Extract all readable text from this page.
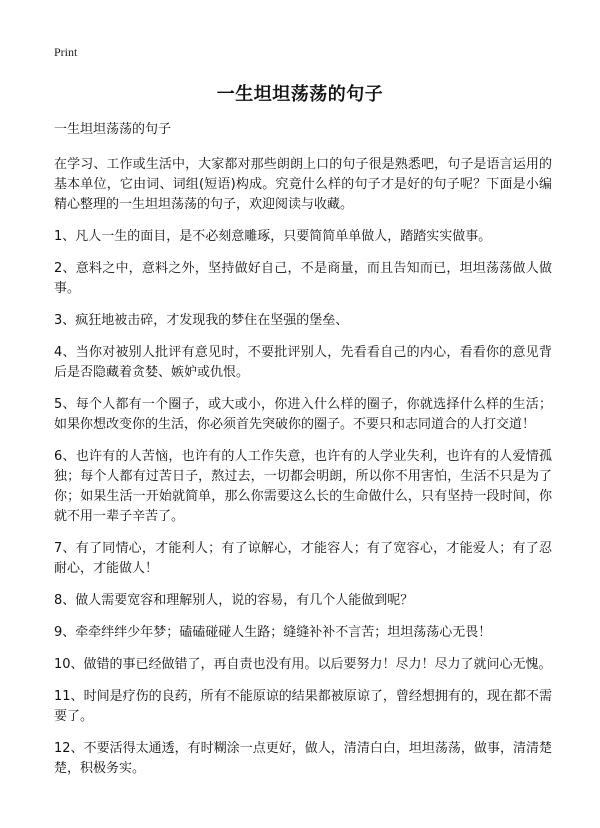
Print
一生坦坦荡荡的句子

一生坦坦荡荡的句子

在学习、工作或生活中，大家都对那些朗朗上口的句子很是熟悉吧，句子是语言运用的基本单位，它由词、词组(短语)构成。究竟什么样的句子才是好的句子呢？下面是小编精心整理的一生坦坦荡荡的句子，欢迎阅读与收藏。

1、凡人一生的面目，是不必刻意雕琢，只要简简单单做人，踏踏实实做事。

2、意料之中，意料之外，坚持做好自己，不是商量，而且告知而已，坦坦荡荡做人做事。

3、疯狂地被击碎，才发现我的梦住在坚强的堡垒、

4、当你对被别人批评有意见时，不要批评别人，先看看自己的内心，看看你的意见背后是否隐藏着贪婪、嫉妒或仇恨。

5、每个人都有一个圈子，或大或小，你进入什么样的圈子，你就选择什么样的生活；如果你想改变你的生活，你必须首先突破你的圈子。不要只和志同道合的人打交道！

6、也许有的人苦恼，也许有的人工作失意，也许有的人学业失利，也许有的人爱情孤独；每个人都有过苦日子，熬过去，一切都会明朗，所以你不用害怕，生活不只是为了你；如果生活一开始就简单，那么你需要这么长的生命做什么，只有坚持一段时间，你就不用一辈子辛苦了。

7、有了同情心，才能利人；有了谅解心，才能容人；有了宽容心，才能爱人；有了忍耐心，才能做人！

8、做人需要宽容和理解别人，说的容易，有几个人能做到呢？

9、牵牵绊绊少年梦；磕磕碰碰人生路；缝缝补补不言苦；坦坦荡荡心无畏！

10、做错的事已经做错了，再自责也没有用。以后要努力！尽力！尽力了就问心无愧。

11、时间是疗伤的良药，所有不能原谅的结果都被原谅了，曾经想拥有的，现在都不需要了。

12、不要活得太通透，有时糊涂一点更好，做人，清清白白，坦坦荡荡，做事，清清楚楚，积极务实。
